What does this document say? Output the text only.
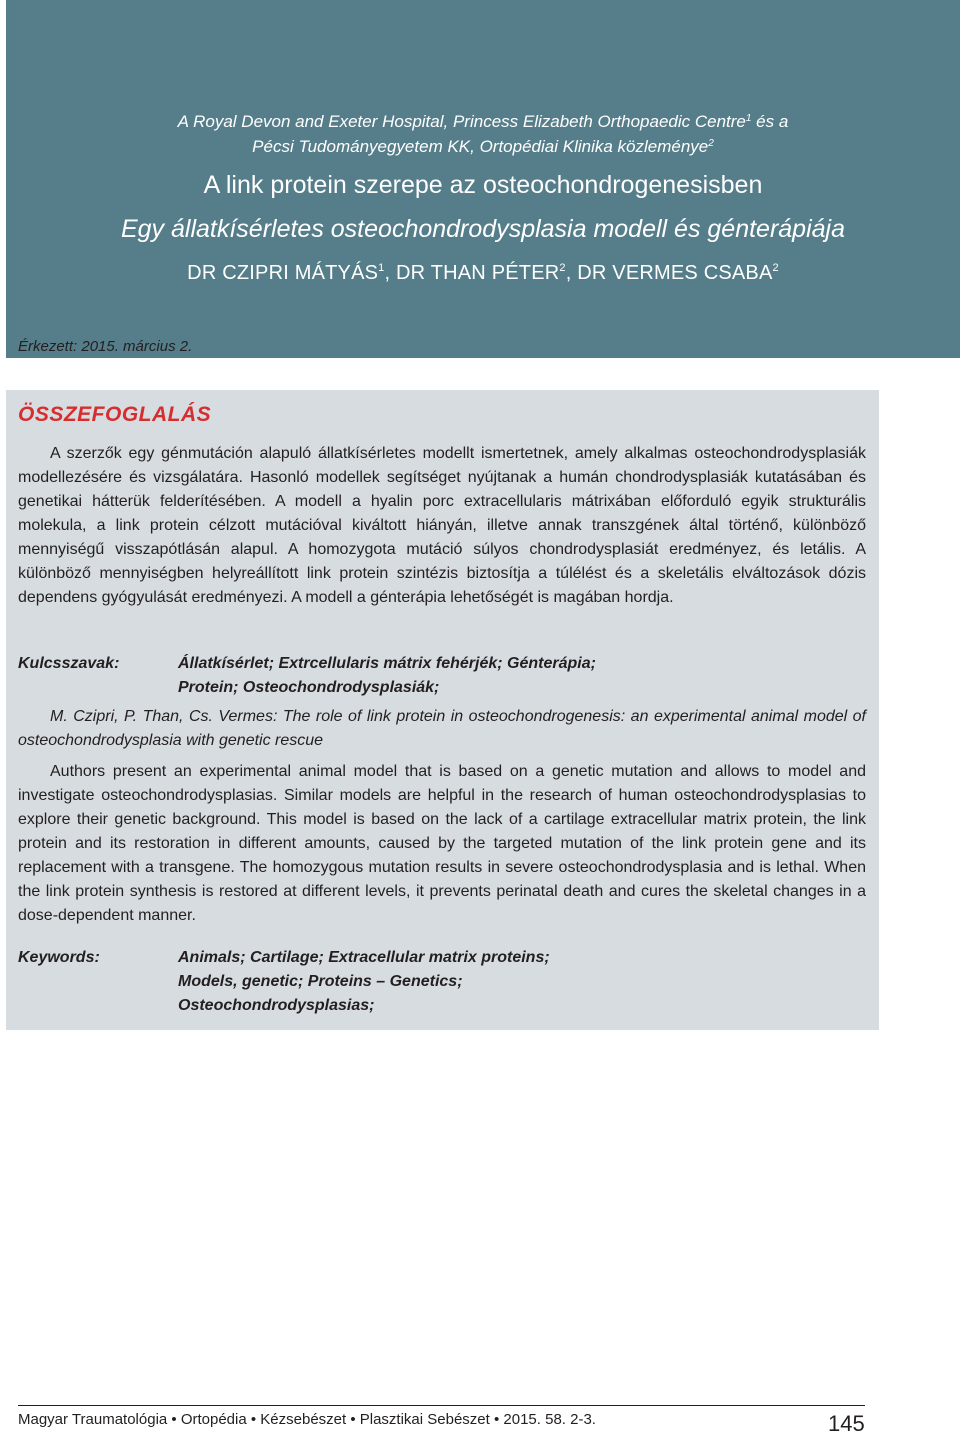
A Royal Devon and Exeter Hospital, Princess Elizabeth Orthopaedic Centre$^1$ és a
Pécsi Tudományegyetem KK, Ortopédiai Klinika közleménye$^2$
A link protein szerepe az osteochondrogenesisben
Egy állatkísérletes osteochondrodysplasia modell és génterápiája
DR CZIPRI MÁTYÁS$^1$, DR THAN PÉTER$^2$, DR VERMES CSABA$^2$
Érkezett: 2015. március 2.
ÖSSZEFOGLALÁS

A szerzők egy génmutáción alapuló állatkísérletes modellt ismertetnek, amely alkalmas osteochondrodysplasiák modellezésére és vizsgálatára. Hasonló modellek segítséget nyújtanak a humán chondrodysplasiák kutatásában és genetikai hátterük felderítésében. A modell a hyalin porc extracellularis mátrixában előforduló egyik strukturális molekula, a link protein célzott mutációval kiváltott hiányán, illetve annak transzgének által történő, különböző mennyiségű visszapótlásán alapul. A homozygota mutáció súlyos chondrodysplasiát eredményez, és letális. A különböző mennyiségben helyreállított link protein szintézis biztosítja a túlélést és a skeletális elváltozások dózis dependens gyógyulását eredményezi. A modell a génterápia lehetőségét is magában hordja.

Kulcsszavak:	Állatkísérlet; Extrcellularis mátrix fehérjék; Génterápia;
Protein; Osteochondrodysplasiák;

M. Czipri, P. Than, Cs. Vermes: The role of link protein in osteochondrogenesis: an experimental animal model of osteochondrodysplasia with genetic rescue

Authors present an experimental animal model that is based on a genetic mutation and allows to model and investigate osteochondrodysplasias. Similar models are helpful in the research of human osteochondrodysplasias to explore their genetic background. This model is based on the lack of a cartilage extracellular matrix protein, the link protein and its restoration in different amounts, caused by the targeted mutation of the link protein gene and its replacement with a transgene. The homozygous mutation results in severe osteochondrodysplasia and is lethal. When the link protein synthesis is restored at different levels, it prevents perinatal death and cures the skeletal changes in a dose-dependent manner.

Keywords:	Animals; Cartilage; Extracellular matrix proteins;
Models, genetic; Proteins – Genetics;
Osteochondrodysplasias;
Magyar Traumatológia • Ortopédia • Kézsebészet • Plasztikai Sebészet • 2015. 58. 2-3.	145
